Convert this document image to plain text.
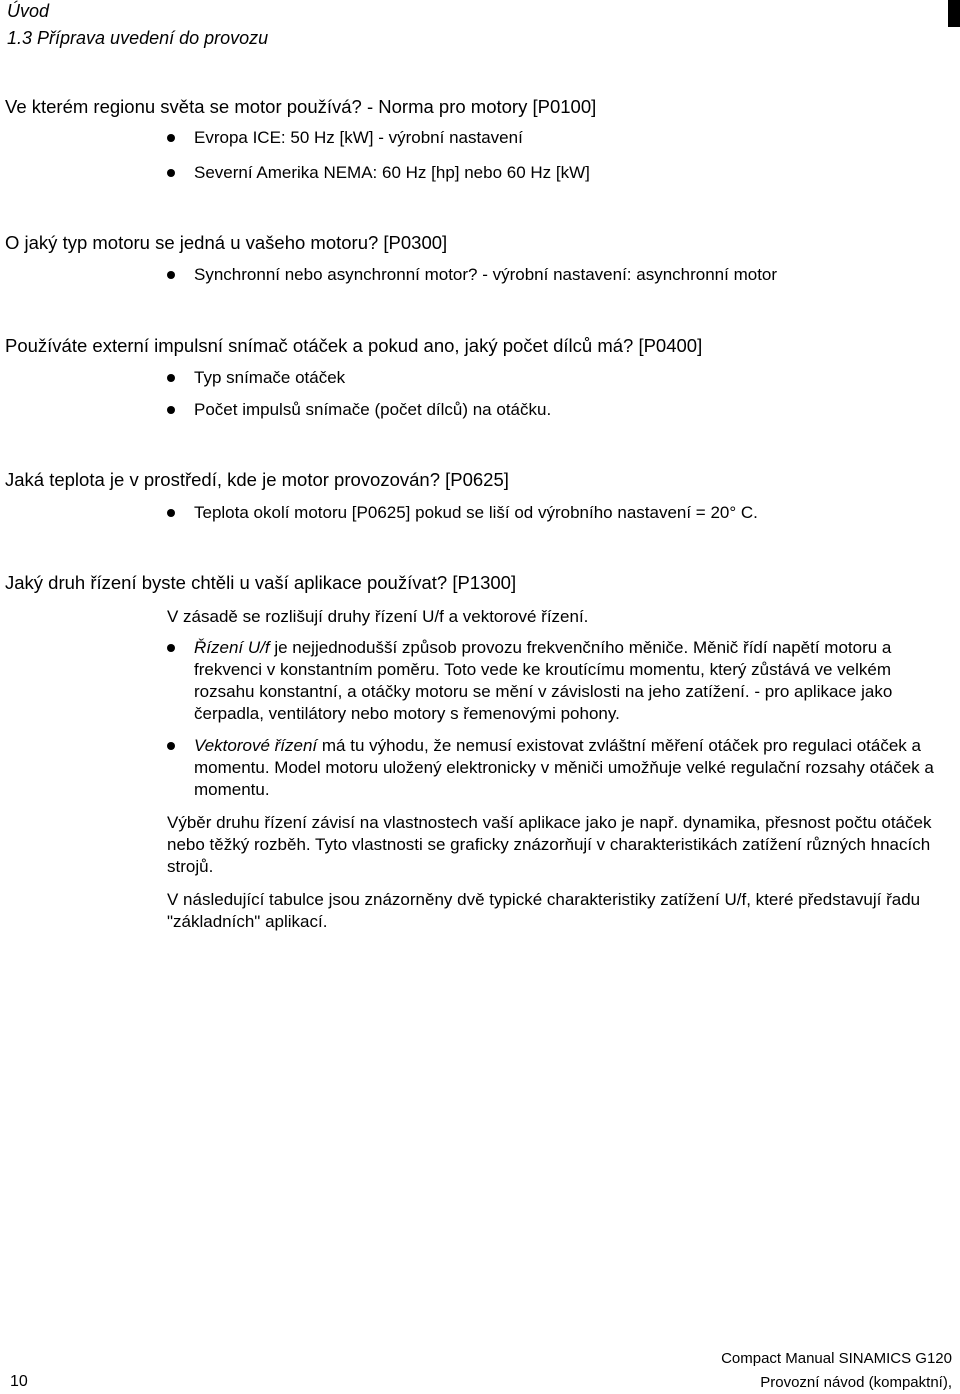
Úvod
1.3 Příprava uvedení do provozu
Ve kterém regionu světa se motor používá? - Norma pro motory [P0100]
Evropa ICE: 50 Hz [kW] - výrobní nastavení
Severní Amerika NEMA: 60 Hz [hp] nebo 60 Hz [kW]
O jaký typ motoru se jedná u vašeho motoru? [P0300]
Synchronní nebo asynchronní motor? - výrobní nastavení: asynchronní motor
Používáte externí impulsní snímač otáček a pokud ano, jaký počet dílců má? [P0400]
Typ snímače otáček
Počet impulsů snímače (počet dílců) na otáčku.
Jaká teplota je v prostředí, kde je motor provozován? [P0625]
Teplota okolí motoru [P0625] pokud se liší od výrobního nastavení = 20° C.
Jaký druh řízení byste chtěli u vaší aplikace používat? [P1300]
V zásadě se rozlišují druhy řízení U/f a vektorové řízení.
Řízení U/f je nejjednodušší způsob provozu frekvenčního měniče. Měnič řídí napětí motoru a frekvenci v konstantním poměru. Toto vede ke kroutícímu momentu, který zůstává ve velkém rozsahu konstantní, a otáčky motoru se mění v závislosti na jeho zatížení. - pro aplikace jako čerpadla, ventilátory nebo motory s řemenovými pohony.
Vektorové řízení má tu výhodu, že nemusí existovat zvláštní měření otáček pro regulaci otáček a momentu. Model motoru uložený elektronicky v měniči umožňuje velké regulační rozsahy otáček a momentu.
Výběr druhu řízení závisí na vlastnostech vaší aplikace jako je např. dynamika, přesnost počtu otáček nebo těžký rozběh. Tyto vlastnosti se graficky znázorňují v charakteristikách zatížení různých hnacích strojů.
V následující tabulce jsou znázorněny dvě typické charakteristiky zatížení U/f, které představují řadu "základních" aplikací.
10
Compact Manual SINAMICS G120
Provozní návod (kompaktní),
